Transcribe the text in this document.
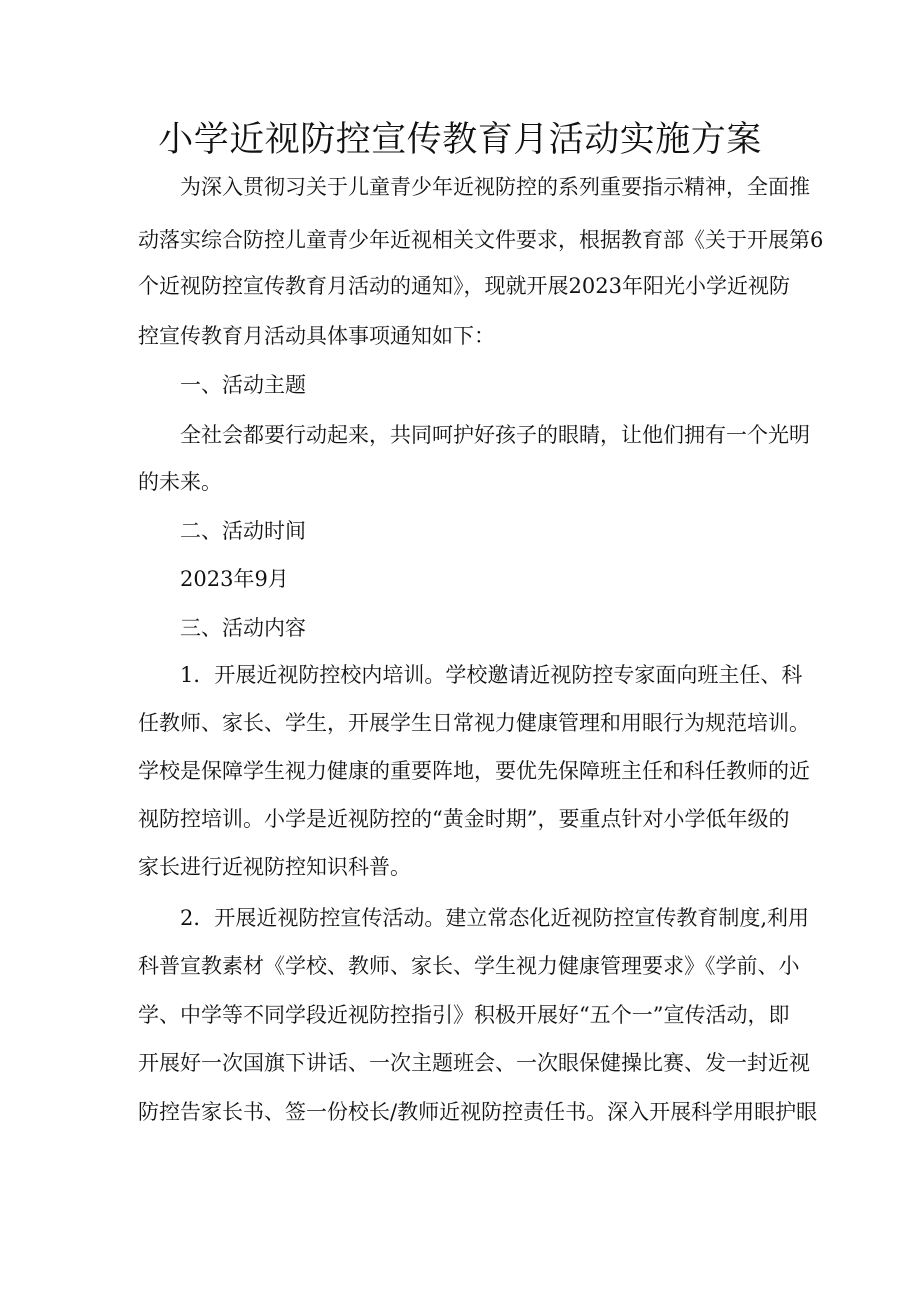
小学近视防控宣传教育月活动实施方案

为深入贯彻习关于儿童青少年近视防控的系列重要指示精神，全面推

动落实综合防控儿童青少年近视相关文件要求，根据教育部《关于开展第6

个近视防控宣传教育月活动的通知》，现就开展2023年阳光小学近视防

控宣传教育月活动具体事项通知如下：

一、活动主题

全社会都要行动起来，共同呵护好孩子的眼睛，让他们拥有一个光明

的未来。

二、活动时间

2023年9月

三、活动内容

1．开展近视防控校内培训。学校邀请近视防控专家面向班主任、科

任教师、家长、学生，开展学生日常视力健康管理和用眼行为规范培训。

学校是保障学生视力健康的重要阵地，要优先保障班主任和科任教师的近

视防控培训。小学是近视防控的“黄金时期”，要重点针对小学低年级的

家长进行近视防控知识科普。

2．开展近视防控宣传活动。建立常态化近视防控宣传教育制度,利用

科普宣教素材《学校、教师、家长、学生视力健康管理要求》《学前、小

学、中学等不同学段近视防控指引》积极开展好“五个一”宣传活动，即

开展好一次国旗下讲话、一次主题班会、一次眼保健操比赛、发一封近视

防控告家长书、签一份校长/教师近视防控责任书。深入开展科学用眼护眼
